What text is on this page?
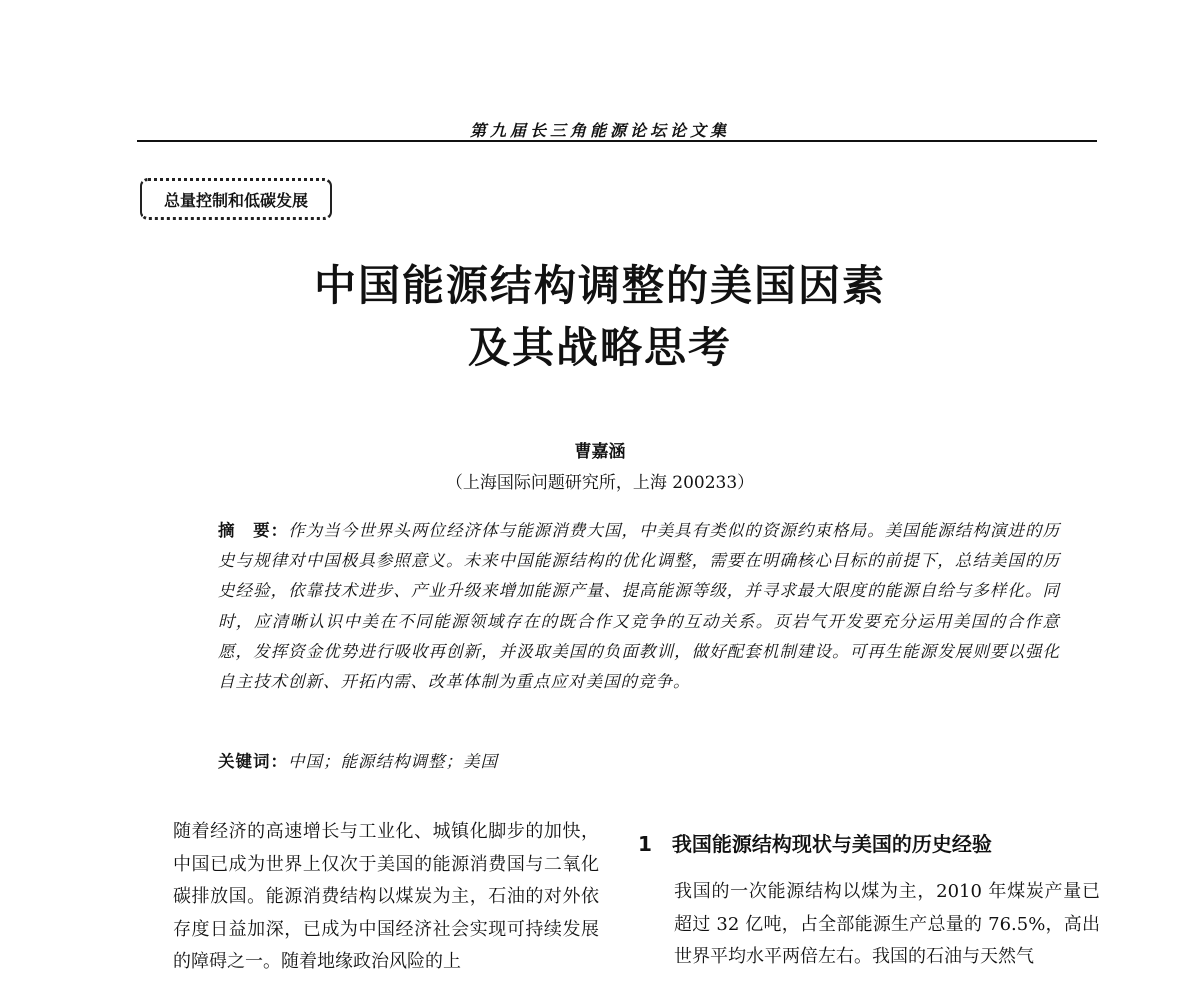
第九届长三角能源论坛论文集
总量控制和低碳发展
中国能源结构调整的美国因素
及其战略思考
曹嘉涵
（上海国际问题研究所，上海 200233）
摘　要：作为当今世界头两位经济体与能源消费大国，中美具有类似的资源约束格局。美国能源结构演进的历史与规律对中国极具参照意义。未来中国能源结构的优化调整，需要在明确核心目标的前提下，总结美国的历史经验，依靠技术进步、产业升级来增加能源产量、提高能源等级，并寻求最大限度的能源自给与多样化。同时，应清晰认识中美在不同能源领域存在的既合作又竞争的互动关系。页岩气开发要充分运用美国的合作意愿，发挥资金优势进行吸收再创新，并汲取美国的负面教训，做好配套机制建设。可再生能源发展则要以强化自主技术创新、开拓内需、改革体制为重点应对美国的竞争。
关键词：中国；能源结构调整；美国
随着经济的高速增长与工业化、城镇化脚步的加快，中国已成为世界上仅次于美国的能源消费国与二氧化碳排放国。能源消费结构以煤炭为主，石油的对外依存度日益加深，已成为中国经济社会实现可持续发展的障碍之一。随着地缘政治风险的上
1　我国能源结构现状与美国的历史经验
我国的一次能源结构以煤为主，2010 年煤炭产量已超过 32 亿吨，占全部能源生产总量的 76.5%，高出世界平均水平两倍左右。我国的石油与天然气
